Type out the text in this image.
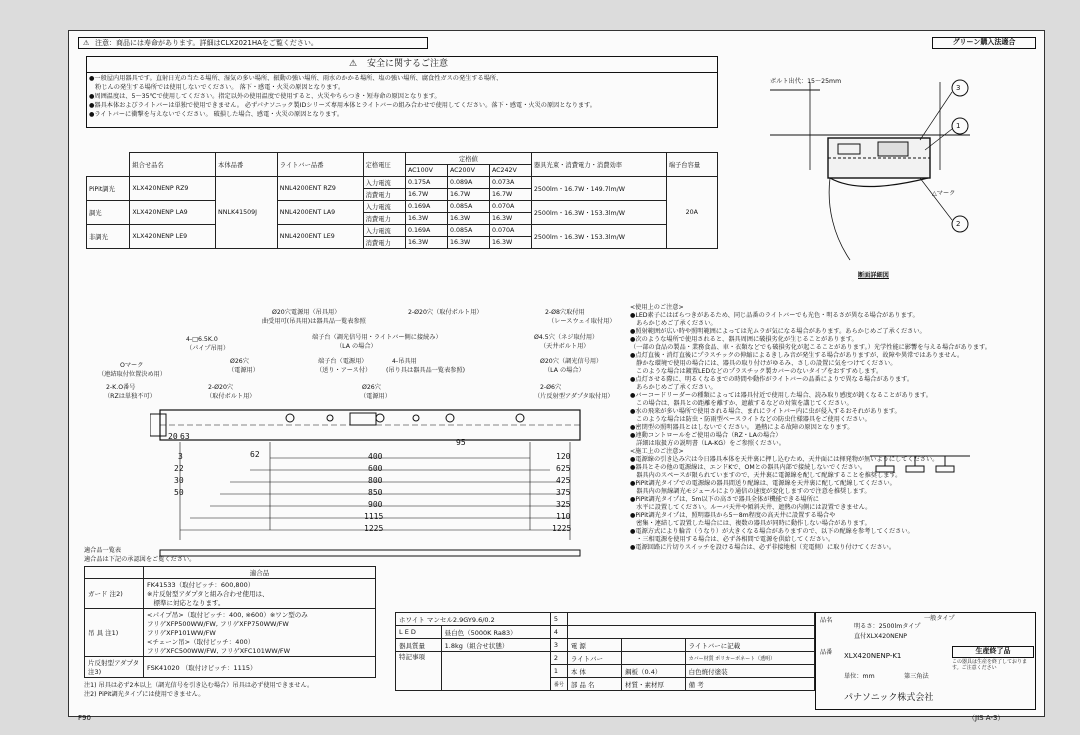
⚠ 注意：商品には寿命があります。詳細はCLX2021HAをご覧ください。	グリーン購入法適合
⚠ 安全に関するご注意
●一般屋内用器具です。直射日光の当たる場所、湿気の多い場所、振動の強い場所、雨水のかかる場所、塩の強い場所、腐食性ガスの発生する場所、
　粉じんの発生する場所では使用しないでください。 落下・感電・火災の原因となります。
●周囲温度は、5～35℃で使用してください。指定以外の使用温度で使用すると、火災やちらつき・短寿命の原因となります。
●器具本体およびライトバーは単独で使用できません。 必ずパナソニック製IDシリーズ専用本体とライトバーの組み合わせで使用してください。落下・感電・火災の原因となります。
●ライトバーに衝撃を与えないでください。 破損した場合、感電・火災の原因となります。
	組合せ品名	本体品番	ライトバー品番	定格電圧	定格値			器具光束・消費電力・消費効率	端子台容量
					AC100V	AC200V	AC242V		
PiPit調光	XLX420NENP RZ9	NNLK41509J	NNL4200ENT RZ9	入力電流	0.175A	0.089A	0.073A	2500lm・16.7W・149.7lm/W	20A
				消費電力	16.7W	16.7W	16.7W		
調光	XLX420NENP LA9		NNL4200ENT LA9	入力電流	0.169A	0.085A	0.070A	2500lm・16.3W・153.3lm/W	
				消費電力	16.3W	16.3W	16.3W		
非調光	XLX420NENP LE9		NNL4200ENT LE9	入力電流	0.169A	0.085A	0.070A	2500lm・16.3W・153.3lm/W	
				消費電力	16.3W	16.3W	16.3W		
ボルト出代：15～25mm
3
1
2
△マーク
断面詳細図
Ø20穴電源用（吊具用）
曲受用可(吊具用)は器具品一覧表参照
2-Ø20穴（取付ボルト用）	2-Ø8穴取付用
（レースウェイ取付用）
4-□6.5K.0
（パイプ吊用）
端子台（調光信号用・ライトバー側に接続み）
（LA の場合）
Ø4.5穴（ネジ取付用）
（天井ボルト用）
Ø26穴
（電源用）
端子台（電源用）
（送り・アース付）
4-吊具用
(吊り具は器具品一覧表参照)
Ø20穴（調光信号用）
（LA の場合）
Oマーク
（連結取付位置決め用）
2-K.O番号
（RZは単独不可）
2-Ø20穴
（取付ボルト用）
Ø26穴
（電源用）
2-Ø6穴
（片反射型アダプタ取付用）
3
22
30
50
20 63
62
95
400
600
800
850
900
1115
1225
120
625
425
375
325
110
1225
<使用上のご注意>
●LED素子にはばらつきがあるため、同じ品番のライトバーでも光色・明るさが異なる場合があります。
　あらかじめご了承ください。
●照射範囲が広い時や照明範囲によっては光ムラが気になる場合があります。あらかじめご了承ください。
●次のような場所で使用されると、器具周囲に破損劣化が生じることがあります。
（一部の食品の製品・業務食品、車・衣類などでも破損劣化が起こることがあります。）光学性能に影響を与える場合があります。
●点灯直後・消灯直後にプラスチックの伸縮によるきしみ音が発生する場合がありますが、故障や異常ではありません。
　静かな環境で使用の場合には、器具の取り付けがゆるみ、さしの設置に気をつけてください。
　このような場合は鍍置LEDなどのプラスチック製カバーのないタイプをおすすめします。
●点灯させる際に、明るくなるまでの時間や動作がライトバーの品番によりで異なる場合があります。
　あらかじめご了承ください。
●バーコードリーダーの種類によっては器具付近で使用した場合、読み取り感度が鈍くなることがあります。
　この場合は、器具との距離を離すか、遮蔽するなどの対策を講じてください。
●水の飛来が多い場所で使用される場合、まれにライトバー内に虫が侵入するおそれがあります。
　このような場合は防虫・防雨型ベースライトなどの防虫仕様器具をご使用ください。
●密閉型の照明器具とはしないでください。 過熱による故障の原因となります。
●連動コントロールをご使用の場合（RZ・LAの場合）
　詳細は取扱方の説明書（LA-KG）をご参照ください。
<施工上のご注意>
●電源線の引き込み穴は今日器具本体を天井裏に押し込むため、天井面には揮発物が無いようにしてください。
●器具とその他の電源線は、エンドKで、OMとの器具内部で接続しないでください。
　器具内のスペースが限られていますので、天井裏に電源線を配して配線することを推奨します。
●PiPit調光タイプでの電源線の器具間送り配線は、電源線を天井裏に配して配線してください。
　器具内の無線調光モジュールにより通信の速度が変化しますので注意を推奨します。
●PiPit調光タイプは、5m以下の高さで器具全体が機能できる場所に
　水平に設置してください。ルーバ天井や傾斜天井、遮熱の内側には設置できません。
●PiPit調光タイプは、照明器具から5～8m程度の高天井に設置する場合や
　密集・連結して設置した場合には、複数の器具が同時に動作しない場合があります。
●電源方式により輪音（うなり）が大きくなる場合がありますので、以下の配線を参考してください。
　・三相電源を使用する場合は、必ず各相間で電源を供給してください。
●電源回路に片切りスイッチを設ける場合は、必ず非接地相（充電側）に取り付けてください。
適合品一覧表
適合品は下記の承認図をご覧ください。
	適合品
ガード 注2)	FK41533（取付ピッチ：600,800）
※片反射型アダプタと組み合わせ使用は、
　標準に対応となります。

吊 具 注1)	<パイプ吊>（取付ピッチ：400, ※600）※ワン型のみ
フリゲXFP500WW/FW, フリゲXFP750WW/FW
フリゲXFP101WW/FW
<チェーン吊>（取付ピッチ：400）
フリゲXFC500WW/FW, フリゲXFC101WW/FW

片反射型アダプタ 注3)	FSK41020 （取付けピッチ：1115）
注1) 吊具は必ず2本以上（調光信号を引き込む場合）吊具は必ず使用できません。
注2) PiPit調光タイプには使用できません。
ホワイト マンセル2.9GY9.6/0.2		5			
L E D	昼白色（5000K Ra83）	4			
器具質量	1.8kg（組合せ状態）	3	電 源		ライトバーに記載
特記事項		2	ライトバー		カバー材質 ポリカーボネート（透明）
		1	本 体	鋼板（0.4）	白色焼付塗装
		番号	部 品 名	材質・素材厚	備 考
品名
品番
一般タイプ
明るさ：2500lmタイプ
直付XLX420NENP
XLX420NENP-K1
生産終了品
この器具は生産を終了しております。ご注意ください
単位：mm	第三角法
パナソニック株式会社
F90	（JIS A-3）
